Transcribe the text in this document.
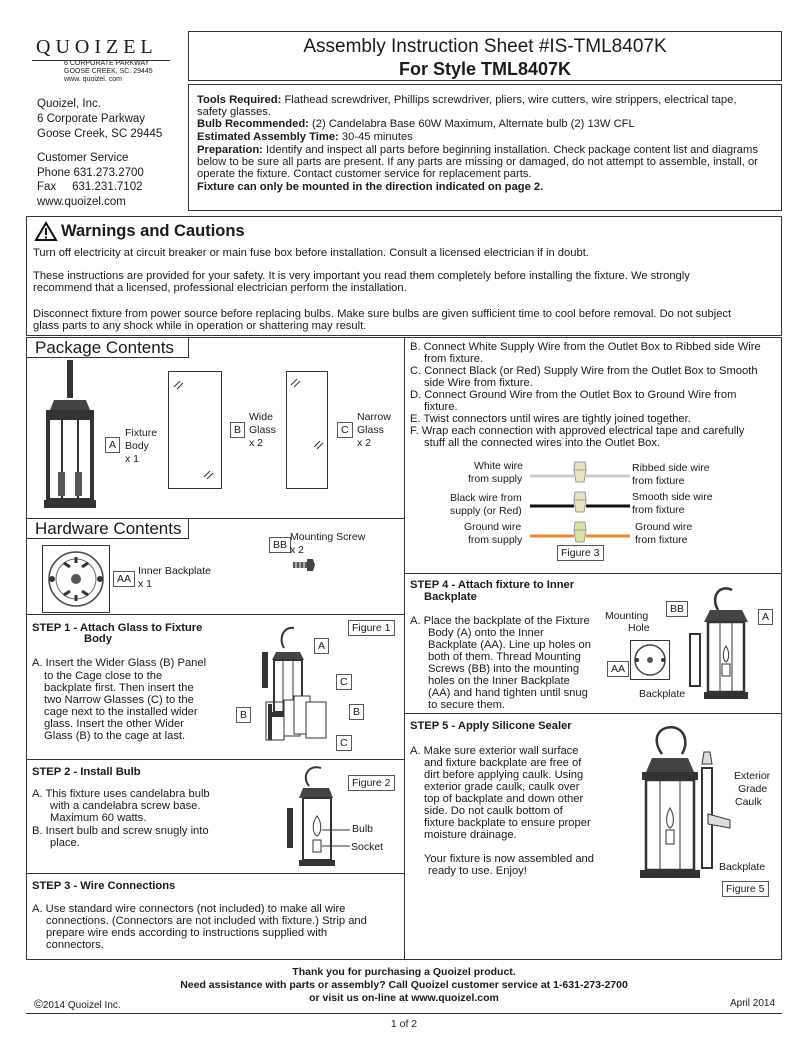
QUOIZEL
6 CORPORATE PARKWAY
GOOSE CREEK, SC. 29445
www. quoizel. com
Quoizel, Inc.
6 Corporate Parkway
Goose Creek, SC 29445
Customer Service
Phone 631.273.2700
Fax     631.231.7102
www.quoizel.com
Assembly Instruction Sheet #IS-TML8407K
For Style TML8407K
Tools Required: Flathead screwdriver, Phillips screwdriver, pliers, wire cutters, wire strippers, electrical tape,
safety glasses.
Bulb Recommended: (2) Candelabra Base 60W Maximum, Alternate bulb (2) 13W CFL
Estimated Assembly Time: 30-45 minutes
Preparation: Identify and inspect all parts before beginning installation. Check package content list and diagrams
below to be sure all parts are present. If any parts are missing or damaged, do not attempt to assemble, install, or
operate the fixture. Contact customer service for replacement parts.
Fixture can only be mounted in the direction indicated on page 2.
Warnings and Cautions
Turn off electricity at circuit breaker or main fuse box before installation. Consult a licensed electrician if in doubt.
These instructions are provided for your safety. It is very important you read them completely before installing the fixture. We strongly
recommend that a licensed, professional electrician perform the installation.
Disconnect fixture from power source before replacing bulbs. Make sure bulbs are given sufficient time to cool before removal. Do not subject
glass parts to any shock while in operation or shattering may result.
Package Contents
A
Fixture
Body
x 1
B
Wide
Glass
x 2
C
Narrow
Glass
x 2
Hardware Contents
AA
Inner Backplate
x 1
BB
Mounting Screw
x 2
STEP 1 - Attach Glass to Fixture
Body
A. Insert the Wider Glass (B) Panel
to the Cage close to the
backplate first. Then insert the
two Narrow Glasses (C) to the
cage next to the installed wider
glass. Insert the other Wider
Glass (B) to the cage at last.
Figure 1
A
C
B	B
C
STEP 2 - Install Bulb
A. This fixture uses candelabra bulb
with a candelabra screw base.
Maximum 60 watts.
B. Insert bulb and screw snugly into
place.
Figure 2
Bulb
Socket
STEP 3 - Wire Connections
A. Use standard wire connectors (not included) to make all wire
connections. (Connectors are not included with fixture.) Strip and
prepare wire ends according to instructions supplied with
connectors.
B. Connect White Supply Wire from the Outlet Box to Ribbed side Wire
from fixture.
C. Connect Black (or Red) Supply Wire from the Outlet Box to Smooth
side Wire from fixture.
D. Connect Ground Wire from the Outlet Box to Ground Wire from
fixture.
E. Twist connectors until wires are tightly joined together.
F. Wrap each connection with approved electrical tape and carefully
stuff all the connected wires into the Outlet Box.
White wire
from supply
Black wire from
supply (or Red)
Ground wire
from supply
Ribbed side wire
from fixture
Smooth side wire
from fixture
Ground wire
from fixture
Figure 3
STEP 4 - Attach fixture to Inner
Backplate
A. Place the backplate of the Fixture
Body (A) onto the Inner
Backplate (AA). Line up holes on
both of them. Thread Mounting
Screws (BB) into the mounting
holes on the Inner Backplate
(AA) and hand tighten until snug
to secure them.
Mounting
Hole
BB
A
AA
Backplate
STEP 5 - Apply Silicone Sealer
A. Make sure exterior wall surface
and fixture backplate are free of
dirt before applying caulk. Using
exterior grade caulk, caulk over
top of backplate and down other
side. Do not caulk bottom of
fixture backplate to ensure proper
moisture drainage.
Your fixture is now assembled and
ready to use. Enjoy!
Exterior
Grade
Caulk
Backplate
Figure 5
Thank you for purchasing a Quoizel product.
Need assistance with parts or assembly? Call Quoizel customer service at 1-631-273-2700
or visit us on-line at www.quoizel.com
©2014 Quoizel Inc.	April 2014
1 of 2
